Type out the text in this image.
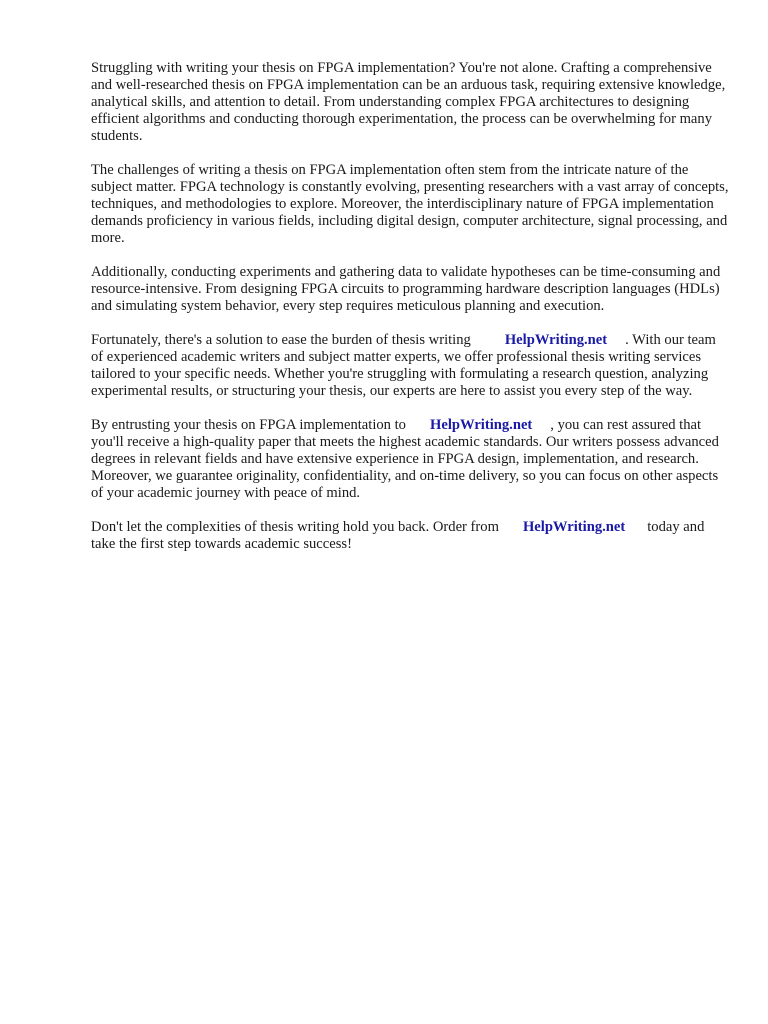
Struggling with writing your thesis on FPGA implementation? You're not alone. Crafting a comprehensive and well-researched thesis on FPGA implementation can be an arduous task, requiring extensive knowledge, analytical skills, and attention to detail. From understanding complex FPGA architectures to designing efficient algorithms and conducting thorough experimentation, the process can be overwhelming for many students.

The challenges of writing a thesis on FPGA implementation often stem from the intricate nature of the subject matter. FPGA technology is constantly evolving, presenting researchers with a vast array of concepts, techniques, and methodologies to explore. Moreover, the interdisciplinary nature of FPGA implementation demands proficiency in various fields, including digital design, computer architecture, signal processing, and more.

Additionally, conducting experiments and gathering data to validate hypotheses can be time-consuming and resource-intensive. From designing FPGA circuits to programming hardware description languages (HDLs) and simulating system behavior, every step requires meticulous planning and execution.

Fortunately, there's a solution to ease the burden of thesis writing HelpWriting.net . With our team of experienced academic writers and subject matter experts, we offer professional thesis writing services tailored to your specific needs. Whether you're struggling with formulating a research question, analyzing experimental results, or structuring your thesis, our experts are here to assist you every step of the way.

By entrusting your thesis on FPGA implementation to HelpWriting.net , you can rest assured that you'll receive a high-quality paper that meets the highest academic standards. Our writers possess advanced degrees in relevant fields and have extensive experience in FPGA design, implementation, and research. Moreover, we guarantee originality, confidentiality, and on-time delivery, so you can focus on other aspects of your academic journey with peace of mind.

Don't let the complexities of thesis writing hold you back. Order from HelpWriting.net today and take the first step towards academic success!
